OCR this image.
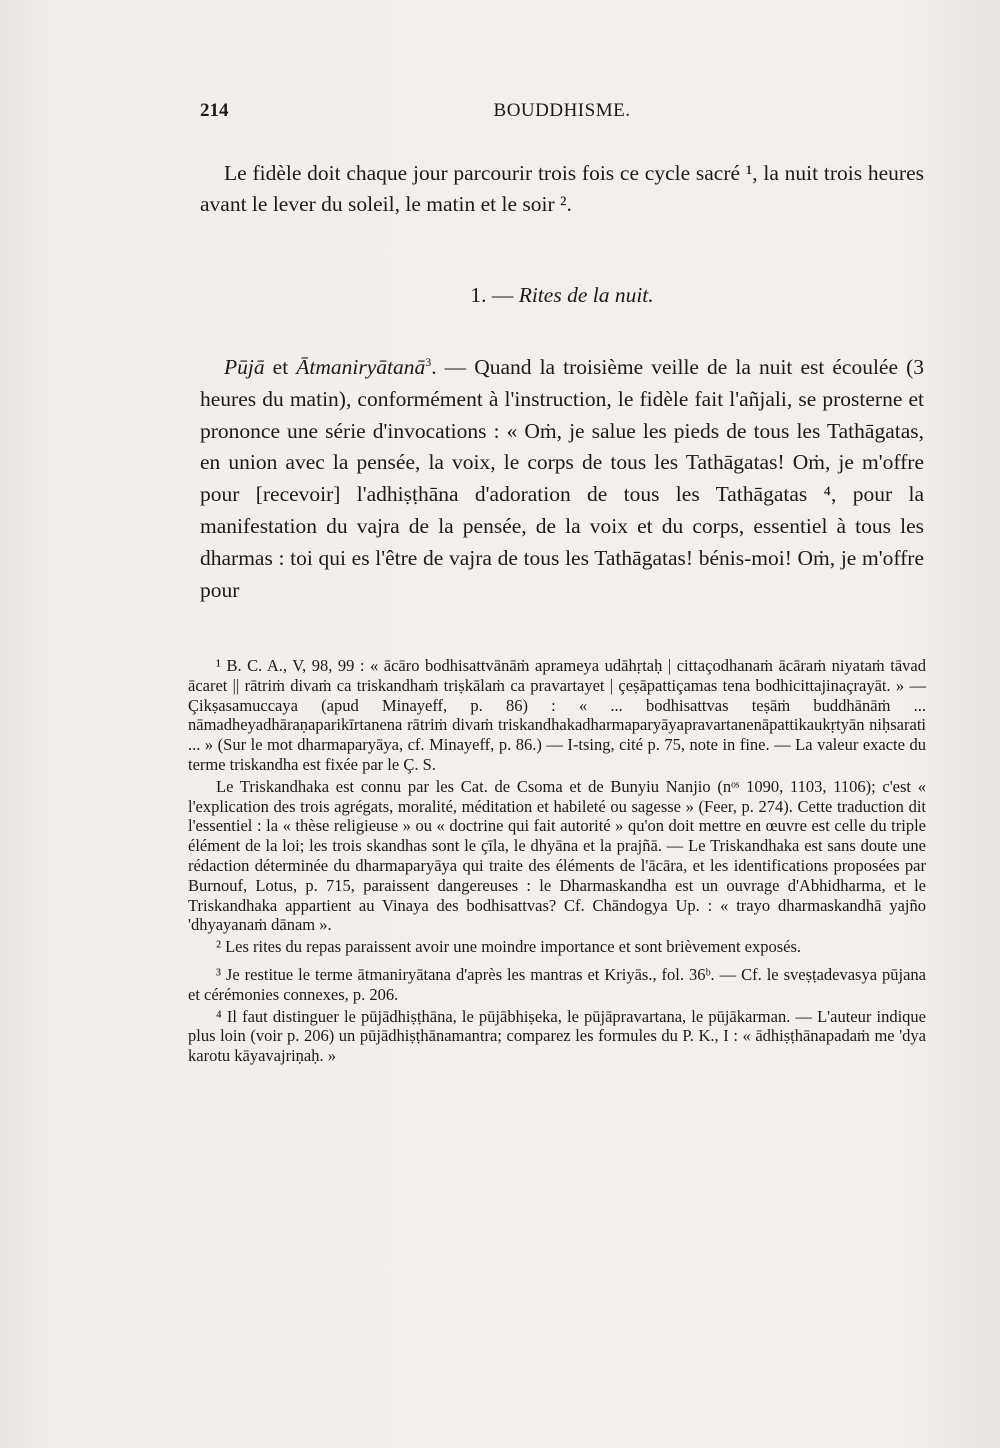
214	BOUDDHISME.

Le fidèle doit chaque jour parcourir trois fois ce cycle sacré ¹, la nuit trois heures avant le lever du soleil, le matin et le soir ².

1. — Rites de la nuit.

Pūjā et Ātmaniryātanā$^3$. — Quand la troisième veille de la nuit est écoulée (3 heures du matin), conformément à l'instruction, le fidèle fait l'añjali, se prosterne et prononce une série d'invocations : « Oṁ, je salue les pieds de tous les Tathāgatas, en union avec la pensée, la voix, le corps de tous les Tathāgatas! Oṁ, je m'offre pour [recevoir] l'adhiṣṭhāna d'adoration de tous les Tathāgatas ⁴, pour la manifestation du vajra de la pensée, de la voix et du corps, essentiel à tous les dharmas : toi qui es l'être de vajra de tous les Tathāgatas! bénis-moi! Oṁ, je m'offre pour

¹ B. C. A., V, 98, 99 : « ācāro bodhisattvānāṁ aprameya udāhṛtaḥ | cittaçodhanaṁ ācāraṁ niyataṁ tāvad ācaret || rātriṁ divaṁ ca triskandhaṁ triṣkālaṁ ca pravartayet | çeṣāpattiçamas tena bodhicittajinaçrayāt. » — Çikṣasamuccaya (apud Minayeff, p. 86) : « ... bodhisattvas teṣāṁ buddhānāṁ ... nāmadheyadhāraṇaparikīrtanena rātriṁ divaṁ triskandhakadharmaparyāyapravartanenāpattikaukṛtyān niḥsarati ... » (Sur le mot dharmaparyāya, cf. Minayeff, p. 86.) — I-tsing, cité p. 75, note in fine. — La valeur exacte du terme triskandha est fixée par le Ç. S.

Le Triskandhaka est connu par les Cat. de Csoma et de Bunyiu Nanjio (nᵒˢ 1090, 1103, 1106); c'est « l'explication des trois agrégats, moralité, méditation et habileté ou sagesse » (Feer, p. 274). Cette traduction dit l'essentiel : la « thèse religieuse » ou « doctrine qui fait autorité » qu'on doit mettre en œuvre est celle du triple élément de la loi; les trois skandhas sont le çīla, le dhyāna et la prajñā. — Le Triskandhaka est sans doute une rédaction déterminée du dharmaparyāya qui traite des éléments de l'ācāra, et les identifications proposées par Burnouf, Lotus, p. 715, paraissent dangereuses : le Dharmaskandha est un ouvrage d'Abhidharma, et le Triskandhaka appartient au Vinaya des bodhisattvas? Cf. Chāndogya Up. : « trayo dharmaskandhā yajño 'dhyayanaṁ dānam ».

² Les rites du repas paraissent avoir une moindre importance et sont brièvement exposés.

³ Je restitue le terme ātmaniryātana d'après les mantras et Kriyās., fol. 36ᵇ. — Cf. le sveṣṭadevasya pūjana et cérémonies connexes, p. 206.

⁴ Il faut distinguer le pūjādhiṣṭhāna, le pūjābhiṣeka, le pūjāpravartana, le pūjākarman. — L'auteur indique plus loin (voir p. 206) un pūjādhiṣṭhānamantra; comparez les formules du P. K., I : « ādhiṣṭhānapadaṁ me 'dya karotu kāyavajriṇaḥ. »
